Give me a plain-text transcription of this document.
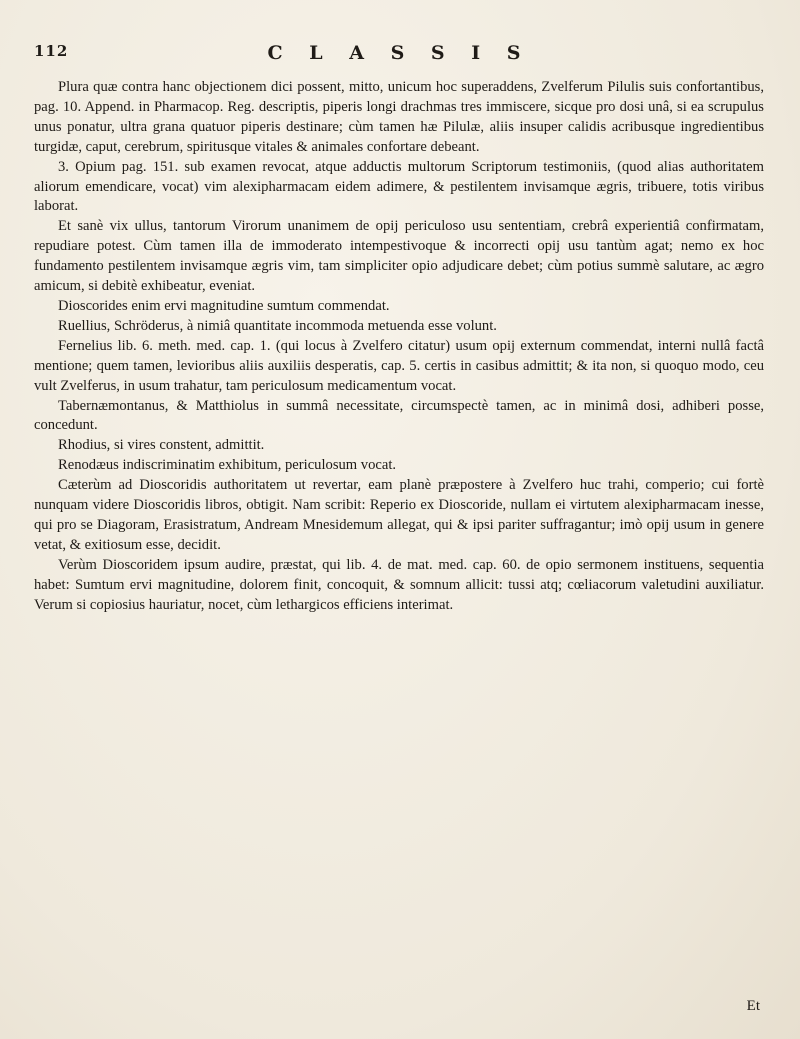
112	C L A S S I S

Plura quæ contra hanc objectionem dici possent, mitto, unicum hoc superaddens, Zvelferum Pilulis suis confortantibus, pag. 10. Append. in Pharmacop. Reg. descriptis, piperis longi drachmas tres immiscere, sicque pro dosi unâ, si ea scrupulus unus ponatur, ultra grana quatuor piperis destinare; cùm tamen hæ Pilulæ, aliis insuper calidis acribusque ingredientibus turgidæ, caput, cerebrum, spiritusque vitales & animales confortare debeant.

3. Opium pag. 151. sub examen revocat, atque adductis multorum Scriptorum testimoniis, (quod alias authoritatem aliorum emendicare, vocat) vim alexipharmacam eidem adimere, & pestilentem invisamque ægris, tribuere, totis viribus laborat.

Et sanè vix ullus, tantorum Virorum unanimem de opij periculoso usu sententiam, crebrâ experientiâ confirmatam, repudiare potest. Cùm tamen illa de immoderato intempestivoque & incorrecti opij usu tantùm agat; nemo ex hoc fundamento pestilentem invisamque ægris vim, tam simpliciter opio adjudicare debet; cùm potius summè salutare, ac ægro amicum, si debitè exhibeatur, eveniat.

Dioscorides enim ervi magnitudine sumtum commendat.

Ruellius, Schröderus, à nimiâ quantitate incommoda metuenda esse volunt.

Fernelius lib. 6. meth. med. cap. 1. (qui locus à Zvelfero citatur) usum opij externum commendat, interni nullâ factâ mentione; quem tamen, levioribus aliis auxiliis desperatis, cap. 5. certis in casibus admittit; & ita non, si quoquo modo, ceu vult Zvelferus, in usum trahatur, tam periculosum medicamentum vocat.

Tabernæmontanus, & Matthiolus in summâ necessitate, circumspectè tamen, ac in minimâ dosi, adhiberi posse, concedunt.

Rhodius, si vires constent, admittit.

Renodæus indiscriminatim exhibitum, periculosum vocat.

Cæterùm ad Dioscoridis authoritatem ut revertar, eam planè præpostere à Zvelfero huc trahi, comperio; cui fortè nunquam videre Dioscoridis libros, obtigit. Nam scribit: Reperio ex Dioscoride, nullam ei virtutem alexipharmacam inesse, qui pro se Diagoram, Erasistratum, Andream Mnesidemum allegat, qui & ipsi pariter suffragantur; imò opij usum in genere vetat, & exitiosum esse, decidit.

Verùm Dioscoridem ipsum audire, præstat, qui lib. 4. de mat. med. cap. 60. de opio sermonem instituens, sequentia habet: Sumtum ervi magnitudine, dolorem finit, concoquit, & somnum allicit: tussi atq; cœliacorum valetudini auxiliatur. Verum si copiosius hauriatur, nocet, cùm lethargicos efficiens interimat.

Et
